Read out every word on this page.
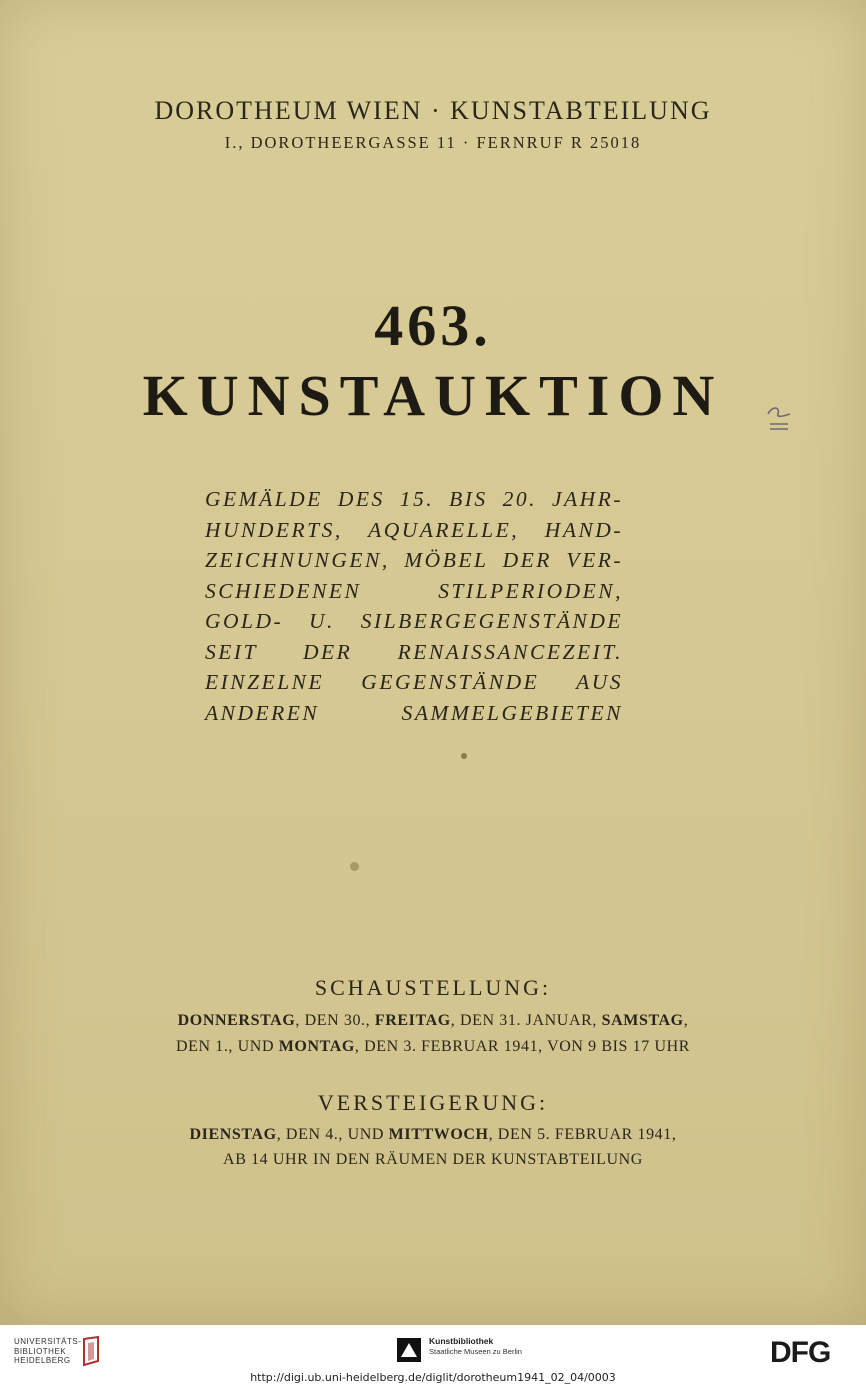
DOROTHEUM WIEN · KUNSTABTEILUNG
I., DOROTHEERGASSE 11 · FERNRUF R 25018
463.
KUNSTAUKTION
GEMÄLDE DES 15. BIS 20. JAHR-
HUNDERTS, AQUARELLE, HAND-
ZEICHNUNGEN, MÖBEL DER VER-
SCHIEDENEN STILPERIODEN,
GOLD- U. SILBERGEGENSTÄNDE
SEIT DER RENAISSANCEZEIT.
EINZELNE GEGENSTÄNDE AUS
ANDEREN SAMMELGEBIETEN
SCHAUSTELLUNG:
DONNERSTAG, DEN 30., FREITAG, DEN 31. JANUAR, SAMSTAG,
DEN 1., UND MONTAG, DEN 3. FEBRUAR 1941, VON 9 BIS 17 UHR
VERSTEIGERUNG:
DIENSTAG, DEN 4., UND MITTWOCH, DEN 5. FEBRUAR 1941,
AB 14 UHR IN DEN RÄUMEN DER KUNSTABTEILUNG
UNIVERSITÄTS-
BIBLIOTHEK
HEIDELBERG
Kunstbibliothek
Staatliche Museen zu Berlin	DFG
http://digi.ub.uni-heidelberg.de/diglit/dorotheum1941_02_04/0003
